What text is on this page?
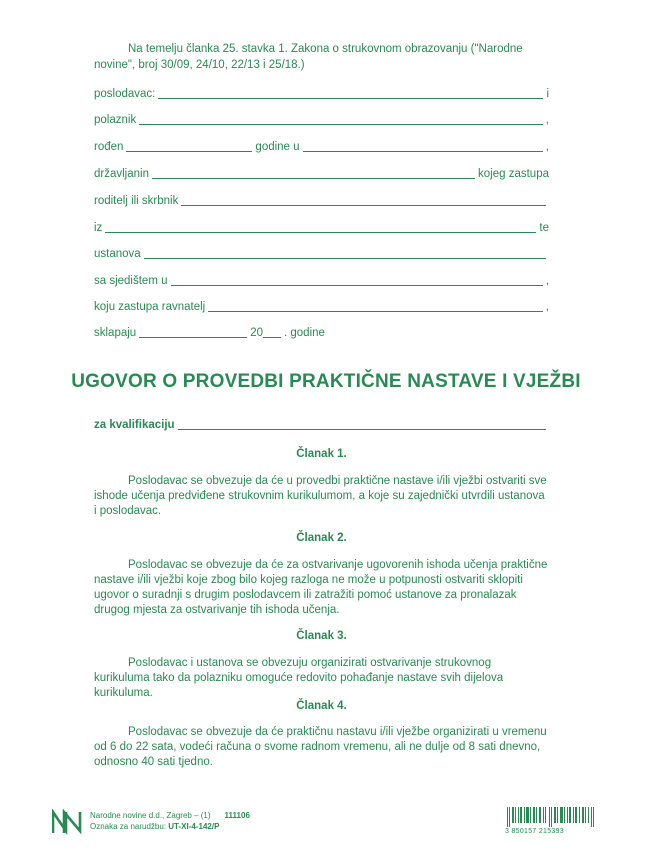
Na temelju članka 25. stavka 1. Zakona o strukovnom obrazovanju ("Narodne novine", broj 30/09, 24/10, 22/13 i 25/18.)
poslodavac:	i
polaznik	,
rođen	godine u	,
državljanin	kojeg zastupa
roditelj ili skrbnik
iz	te
ustanova
sa sjedištem u	,
koju zastupa ravnatelj	,
sklapaju	20 . godine
UGOVOR O PROVEDBI PRAKTIČNE NASTAVE I VJEŽBI
za kvalifikaciju
Članak 1.
Poslodavac se obvezuje da će u provedbi praktične nastave i/ili vježbi ostvariti sve ishode učenja predviđene strukovnim kurikulumom, a koje su zajednički utvrdili ustanova i poslodavac.
Članak 2.
Poslodavac se obvezuje da će za ostvarivanje ugovorenih ishoda učenja praktične nastave i/ili vježbi koje zbog bilo kojeg razloga ne može u potpunosti ostvariti sklopiti ugovor o suradnji s drugim poslodavcem ili zatražiti pomoć ustanove za pronalazak drugog mjesta za ostvarivanje tih ishoda učenja.
Članak 3.
Poslodavac i ustanova se obvezuju organizirati ostvarivanje strukovnog kurikuluma tako da polazniku omoguće redovito pohađanje nastave svih dijelova kurikuluma.
Članak 4.
Poslodavac se obvezuje da će praktičnu nastavu i/ili vježbe organizirati u vremenu od 6 do 22 sata, vodeći računa o svome radnom vremenu, ali ne dulje od 8 sati dnevno, odnosno 40 sati tjedno.
Narodne novine d.d., Zagreb – (1) 111106
Oznaka za narudžbu: UT-XI-4-142/P
3 850157 215393
